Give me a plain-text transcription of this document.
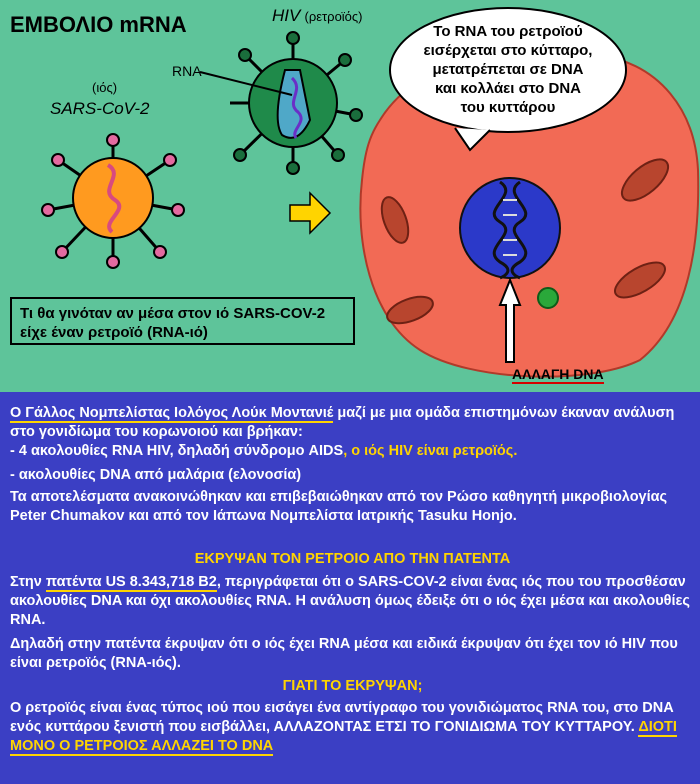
ΕΜΒΟΛΙΟ mRNA	HIV (ρετροϊός)
RNA
(ιός)
SARS-CoV-2
Το RNA του ρετροϊού εισέρχεται στο κύτταρο, μετατρέπεται σε DNA και κολλάει στο DNA του κυττάρου
Τι θα γινόταν αν μέσα στον ιό SARS-COV-2 είχε έναν ρετροϊό (RNA-ιό)
ΑΛΛΑΓΗ DNA

Ο Γάλλος Νομπελίστας Ιολόγος Λούκ Μοντανιέ μαζί με μια ομάδα επιστημόνων έκαναν ανάλυση στο γονιδίωμα του κορωνοιού και βρήκαν:

- 4 ακολουθίες RNA HIV, δηλαδή σύνδρομο AIDS, ο ιός HIV είναι ρετροϊός.

- ακολουθίες DNA από μαλάρια (ελονοσία)

Τα αποτελέσματα ανακοινώθηκαν και επιβεβαιώθηκαν από τον Ρώσο καθηγητή μικροβιολογίας Peter Chumakov και από τον Ιάπωνα Νομπελίστα Ιατρικής Tasuku Honjo.

ΕΚΡΥΨΑΝ ΤΟΝ ΡΕΤΡΟΙΟ ΑΠΟ ΤΗΝ ΠΑΤΕΝΤΑ

Στην πατέντα US 8.343,718 B2, περιγράφεται ότι ο SARS-COV-2 είναι ένας ιός που του προσθέσαν ακολουθίες DNA και όχι ακολουθίες RNA. Η ανάλυση όμως έδειξε ότι ο ιός έχει μέσα και ακολουθίες RNA.

Δηλαδή στην πατέντα έκρυψαν ότι ο ιός έχει RNA μέσα και ειδικά έκρυψαν ότι έχει τον ιό HIV που είναι ρετροϊός (RNA-ιός).

ΓΙΑΤΙ ΤΟ ΕΚΡΥΨΑΝ;

Ο ρετροϊός είναι ένας τύπος ιού που εισάγει ένα αντίγραφο του γονιδιώματος RNA του, στο DNA ενός κυττάρου ξενιστή που εισβάλλει, ΑΛΛΑΖΟΝΤΑΣ ΕΤΣΙ ΤΟ ΓΟΝΙΔΙΩΜΑ ΤΟΥ ΚΥΤΤΑΡΟΥ. ΔΙΟΤΙ ΜΟΝΟ Ο ΡΕΤΡΟΙΟΣ ΑΛΛΑΖΕΙ ΤΟ DNA
